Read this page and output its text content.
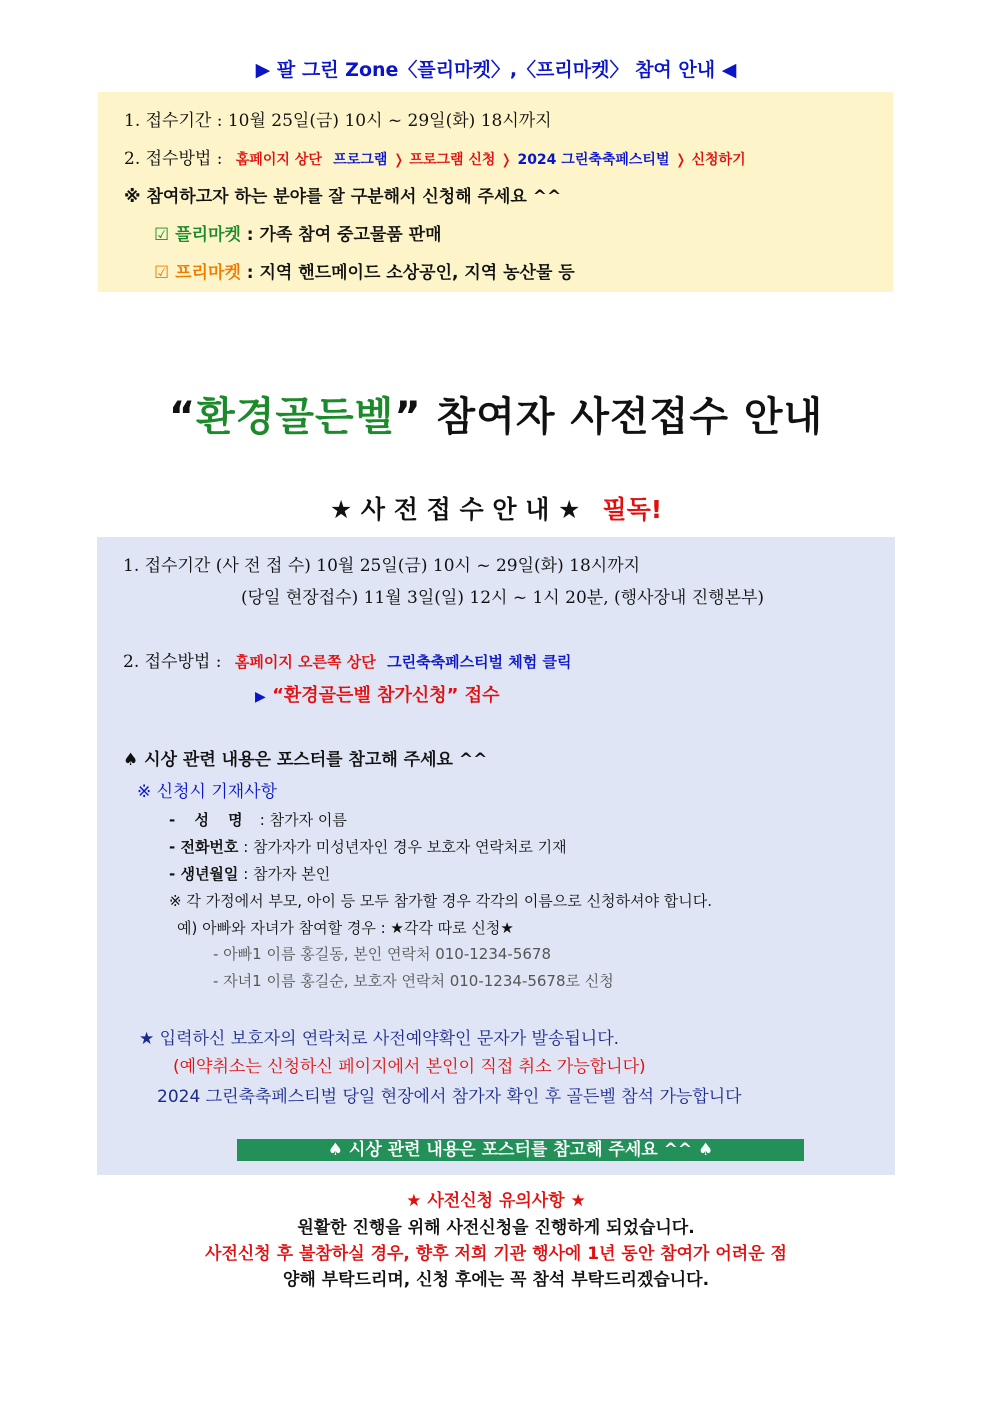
▶ 팔 그린 Zone〈플리마켓〉,〈프리마켓〉 참여 안내 ◀
1. 접수기간 : 10월 25일(금) 10시 ~ 29일(화) 18시까지
2. 접수방법 : 홈페이지 상단 프로그램 ❭ 프로그램 신청 ❭ 2024 그린축축페스티벌 ❭ 신청하기
※ 참여하고자 하는 분야를 잘 구분해서 신청해 주세요 ^^
☑ 플리마켓 : 가족 참여 중고물품 판매
☑ 프리마켓 : 지역 핸드메이드 소상공인, 지역 농산물 등
“환경골든벨” 참여자 사전접수 안내
★ 사 전 접 수 안 내 ★ 필독!
1. 접수기간 (사 전 접 수) 10월 25일(금) 10시 ~ 29일(화) 18시까지
(당일 현장접수) 11월 3일(일) 12시 ~ 1시 20분, (행사장내 진행본부)
2. 접수방법 : 홈페이지 오른쪽 상단 그린축축페스티벌 체험 클릭
▶ “환경골든벨 참가신청” 접수
♠ 시상 관련 내용은 포스터를 참고해 주세요 ^^
※ 신청시 기재사항
- 성 명 : 참가자 이름
- 전화번호 : 참가자가 미성년자인 경우 보호자 연락처로 기재
- 생년월일 : 참가자 본인
※ 각 가정에서 부모, 아이 등 모두 참가할 경우 각각의 이름으로 신청하셔야 합니다.
예) 아빠와 자녀가 참여할 경우 : ★각각 따로 신청★
- 아빠1 이름 홍길동, 본인 연락처 010-1234-5678
- 자녀1 이름 홍길순, 보호자 연락처 010-1234-5678로 신청
★ 입력하신 보호자의 연락처로 사전예약확인 문자가 발송됩니다.
(예약취소는 신청하신 페이지에서 본인이 직접 취소 가능합니다)
2024 그린축축페스티벌 당일 현장에서 참가자 확인 후 골든벨 참석 가능합니다
♠ 시상 관련 내용은 포스터를 참고해 주세요 ^^ ♠
★ 사전신청 유의사항 ★
원활한 진행을 위해 사전신청을 진행하게 되었습니다.
사전신청 후 불참하실 경우, 향후 저희 기관 행사에 1년 동안 참여가 어려운 점
양해 부탁드리며, 신청 후에는 꼭 참석 부탁드리겠습니다.
